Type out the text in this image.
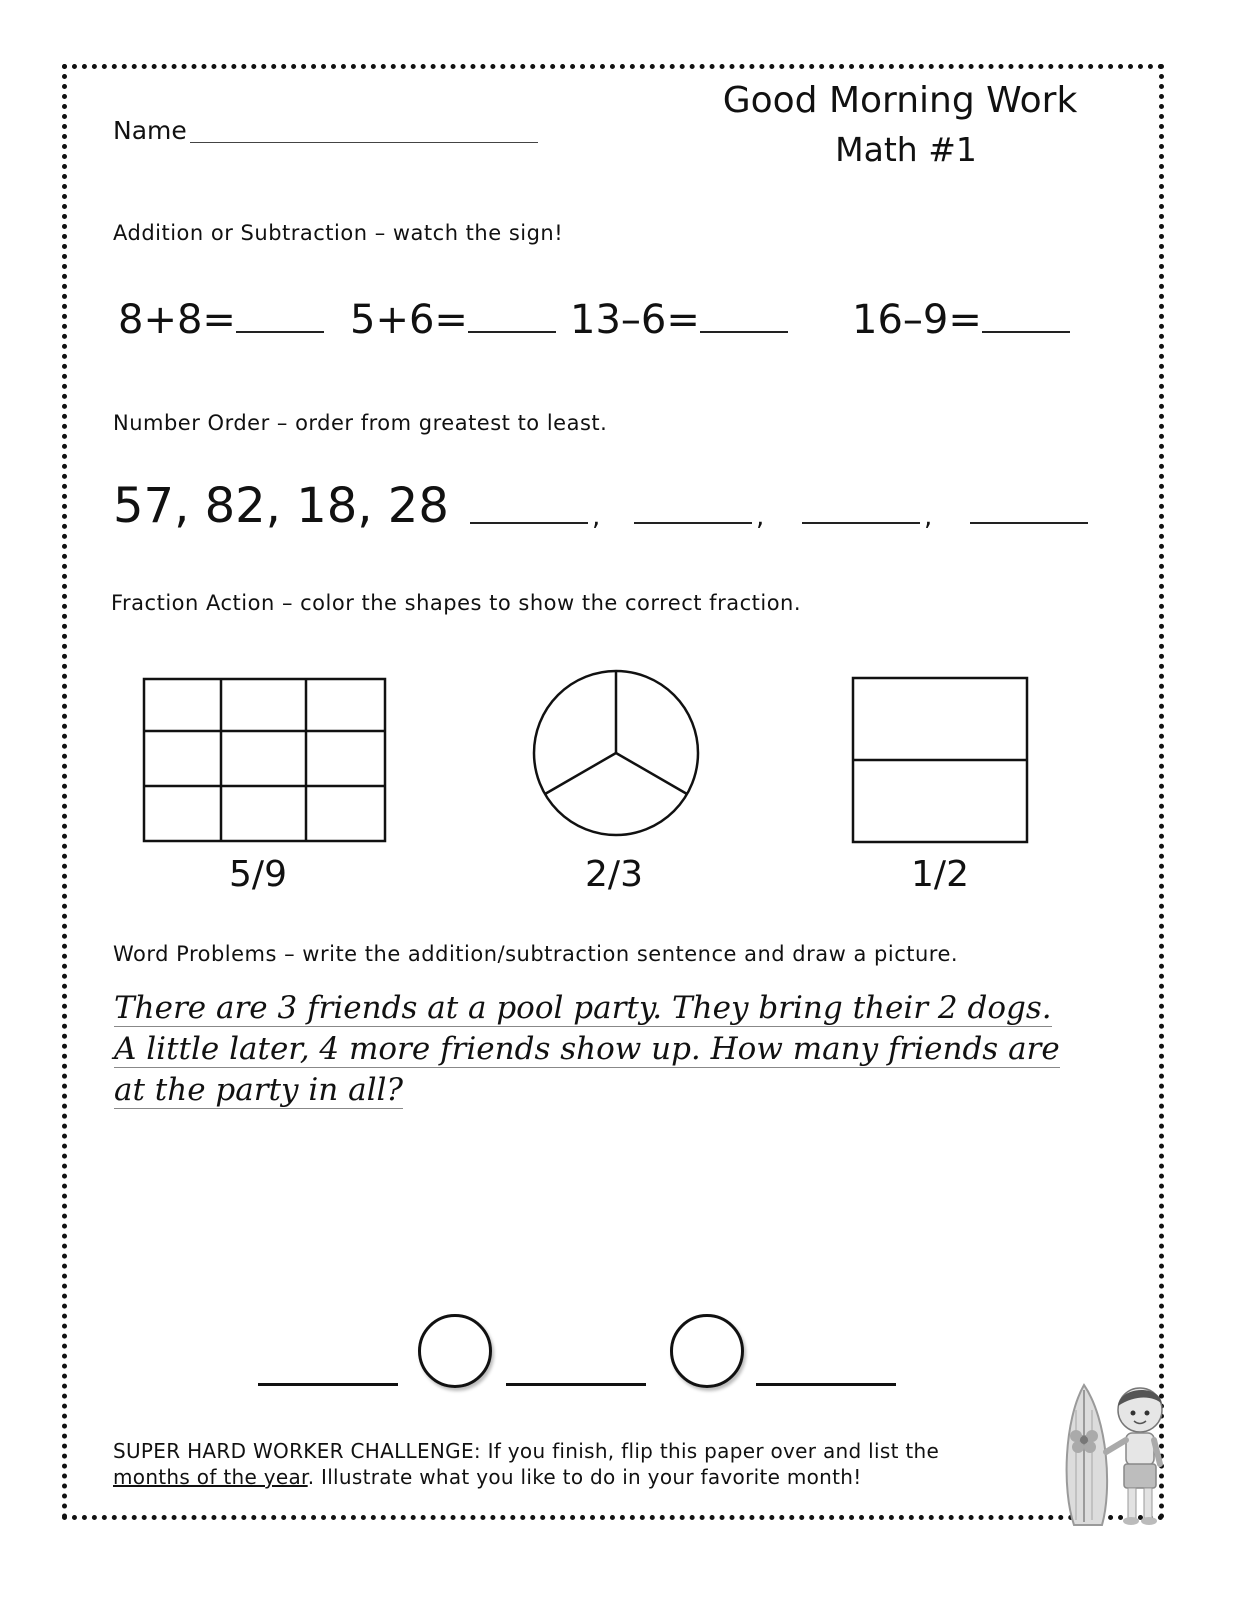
Name
Good Morning Work
Math #1
Addition or Subtraction – watch the sign!
8+8=	5+6=	13–6=	16–9=
Number Order – order from greatest to least.
57, 82, 18, 28	,	,	,
Fraction Action – color the shapes to show the correct fraction.
5/9	2/3	1/2
Word Problems – write the addition/subtraction sentence and draw a picture.
There are 3 friends at a pool party. They bring their 2 dogs.
A little later, 4 more friends show up. How many friends are
at the party in all?
SUPER HARD WORKER CHALLENGE: If you finish, flip this paper over and list the
months of the year. Illustrate what you like to do in your favorite month!
